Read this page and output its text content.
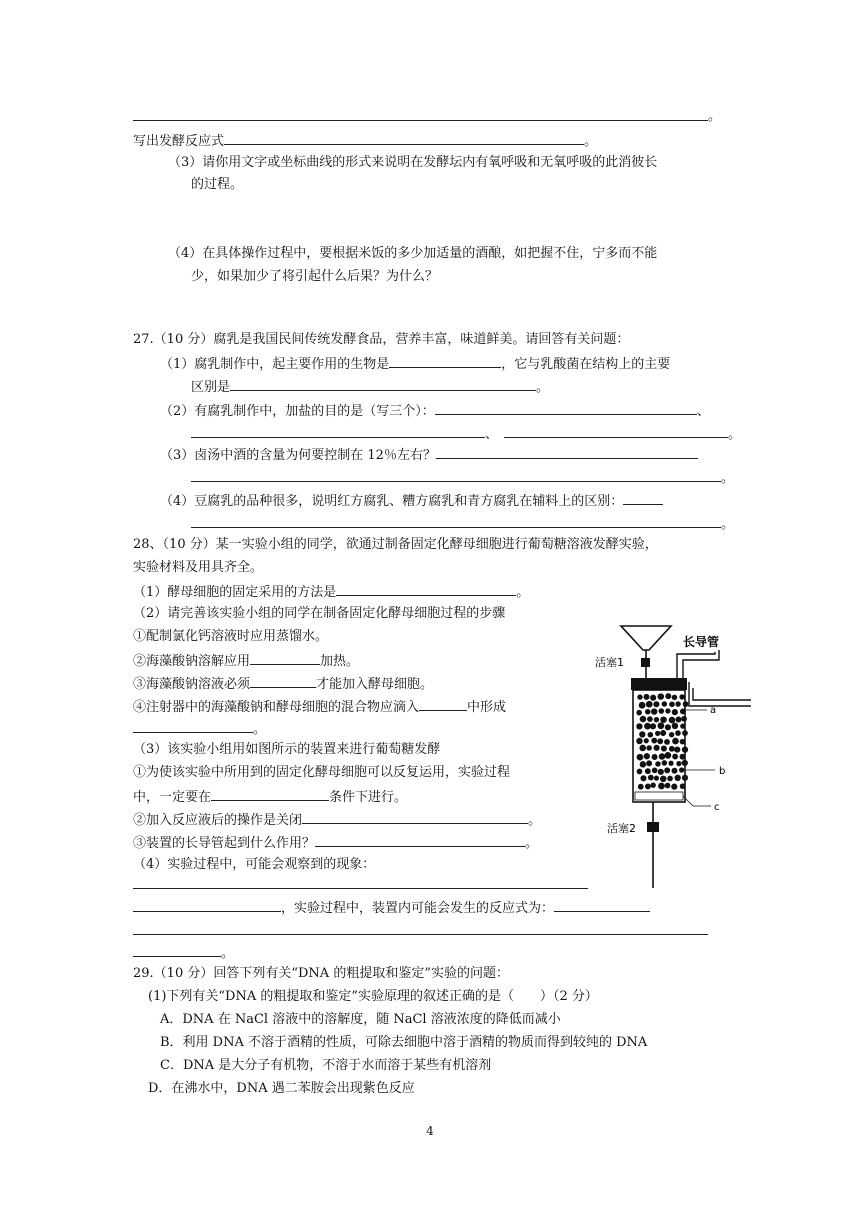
。
写出发酵反应式	。
（3）请你用文字或坐标曲线的形式来说明在发酵坛内有氧呼吸和无氧呼吸的此消彼长
的过程。
（4）在具体操作过程中，要根据米饭的多少加适量的酒酿，如把握不住，宁多而不能
少，如果加少了将引起什么后果？为什么？
27.（10 分）腐乳是我国民间传统发酵食品，营养丰富，味道鲜美。请回答有关问题：
（1）腐乳制作中，起主要作用的生物是	，它与乳酸菌在结构上的主要
区别是	。
（2）有腐乳制作中，加盐的目的是（写三个）：	、
、	。
（3）卤汤中酒的含量为何要控制在 12％左右？
。
（4）豆腐乳的品种很多，说明红方腐乳、糟方腐乳和青方腐乳在辅料上的区别：
。
28、（10 分）某一实验小组的同学，欲通过制备固定化酵母细胞进行葡萄糖溶液发酵实验，
实验材料及用具齐全。
（1）酵母细胞的固定采用的方法是	。
（2）请完善该实验小组的同学在制备固定化酵母细胞过程的步骤
①配制氯化钙溶液时应用蒸馏水。
②海藻酸钠溶解应用	加热。
③海藻酸钠溶液必须	才能加入酵母细胞。
④注射器中的海藻酸钠和酵母细胞的混合物应滴入	中形成
。
（3）该实验小组用如图所示的装置来进行葡萄糖发酵
①为使该实验中所用到的固定化酵母细胞可以反复运用，实验过程
中，一定要在	条件下进行。
②加入反应液后的操作是关闭	。
③装置的长导管起到什么作用？	。
（4）实验过程中，可能会观察到的现象：
，实验过程中，装置内可能会发生的反应式为：
。
活塞1
长导管
a
b
c
活塞2
29.（10 分）回答下列有关“DNA 的粗提取和鉴定”实验的问题：
(1)下列有关“DNA 的粗提取和鉴定”实验原理的叙述正确的是（　　）（2 分）
A．DNA 在 NaCl 溶液中的溶解度，随 NaCl 溶液浓度的降低而减小
B．利用 DNA 不溶于酒精的性质，可除去细胞中溶于酒精的物质而得到较纯的 DNA
C．DNA 是大分子有机物，不溶于水而溶于某些有机溶剂
D．在沸水中，DNA 遇二苯胺会出现紫色反应
4
